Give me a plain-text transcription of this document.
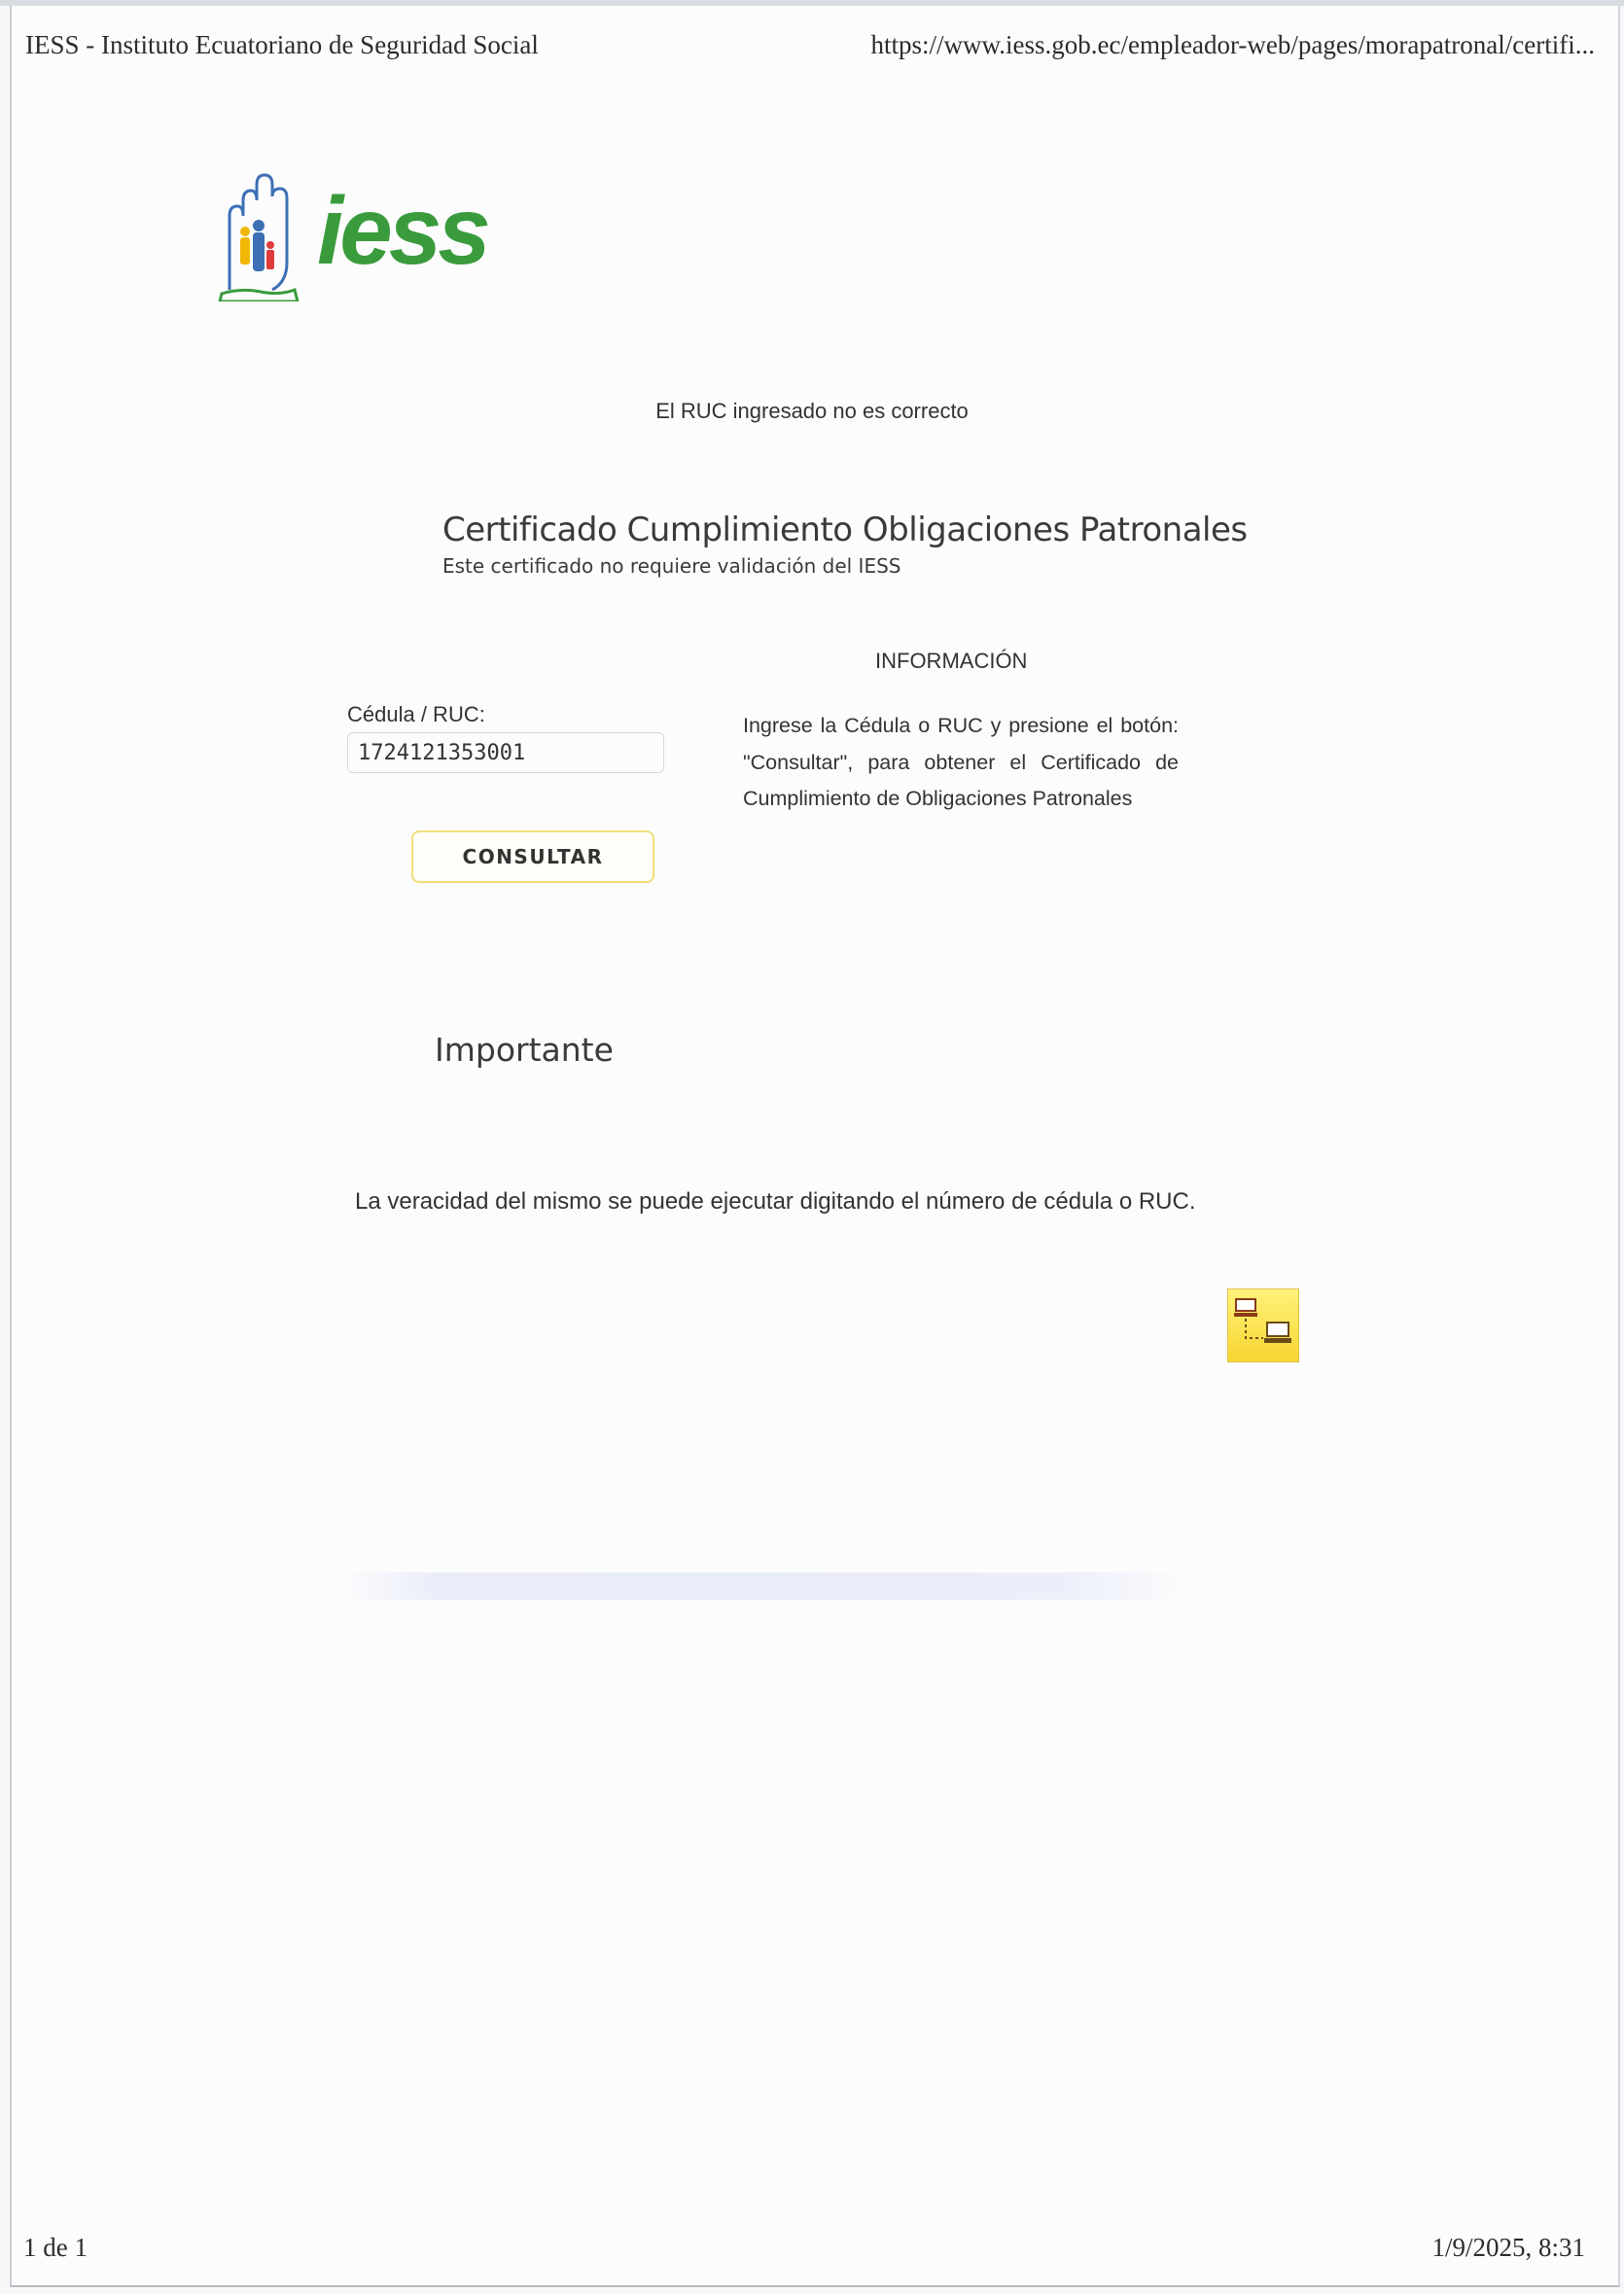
IESS - Instituto Ecuatoriano de Seguridad Social	https://www.iess.gob.ec/empleador-web/pages/morapatronal/certifi...
iess
El RUC ingresado no es correcto
Certificado Cumplimiento Obligaciones Patronales
Este certificado no requiere validación del IESS
Cédula / RUC:
1724121353001
CONSULTAR
INFORMACIÓN
Ingrese la Cédula o RUC y presione el botón: "Consultar", para obtener el Certificado de Cumplimiento de Obligaciones Patronales
Importante
La veracidad del mismo se puede ejecutar digitando el número de cédula o RUC.
1 de 1	1/9/2025, 8:31
